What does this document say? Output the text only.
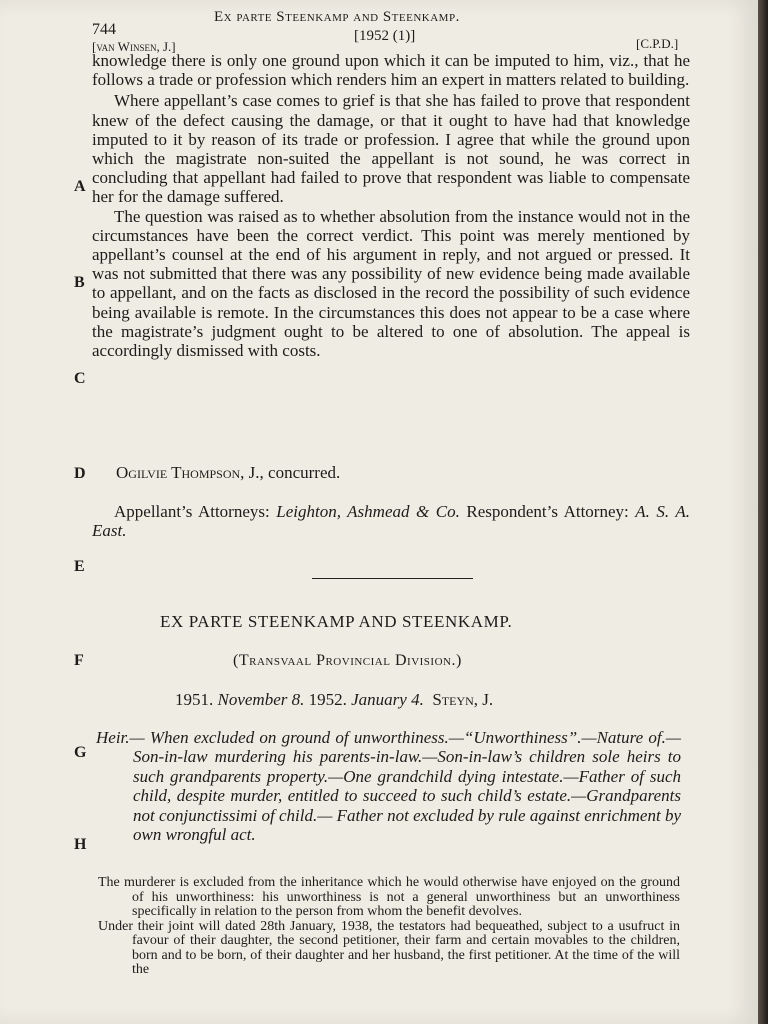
744
Ex parte Steenkamp and Steenkamp.
[van Winsen, J.]
[1952 (1)]	[C.P.D.]

knowledge there is only one ground upon which it can be imputed to him, viz., that he follows a trade or profession which renders him an expert in matters related to building.

Where appellant’s case comes to grief is that she has failed to prove that respondent knew of the defect causing the damage, or that it ought to have had that knowledge imputed to it by reason of its trade or profession. I agree that while the ground upon which the magistrate non-suited the appellant is not sound, he was correct in concluding that appellant had failed to prove that respondent was liable to compensate her for the damage suffered.

The question was raised as to whether absolution from the instance would not in the circumstances have been the correct verdict. This point was merely mentioned by appellant’s counsel at the end of his argument in reply, and not argued or pressed. It was not submitted that there was any possibility of new evidence being made available to appellant, and on the facts as disclosed in the record the possibility of such evidence being available is remote. In the circumstances this does not appear to be a case where the magistrate’s judgment ought to be altered to one of absolution. The appeal is accordingly dismissed with costs.

A
B
C
D
E
F
G
H
Ogilvie Thompson, J., concurred.

Appellant’s Attorneys: Leighton, Ashmead & Co. Respondent’s Attorney: A. S. A. East.

EX PARTE STEENKAMP AND STEENKAMP.
(Transvaal Provincial Division.)
1951. November 8. 1952. January 4. Steyn, J.

Heir.— When excluded on ground of unworthiness.—“Unworthiness”.—Nature of.—Son-in-law murdering his parents-in-law.—Son-in-law’s children sole heirs to such grandparents property.—One grandchild dying intestate.—Father of such child, despite murder, entitled to succeed to such child’s estate.—Grandparents not conjunctissimi of child.— Father not excluded by rule against enrichment by own wrongful act.

The murderer is excluded from the inheritance which he would otherwise have enjoyed on the ground of his unworthiness: his unworthiness is not a general unworthiness but an unworthiness specifically in relation to the person from whom the benefit devolves.

Under their joint will dated 28th January, 1938, the testators had bequeathed, subject to a usufruct in favour of their daughter, the second petitioner, their farm and certain movables to the children, born and to be born, of their daughter and her husband, the first petitioner. At the time of the will the
